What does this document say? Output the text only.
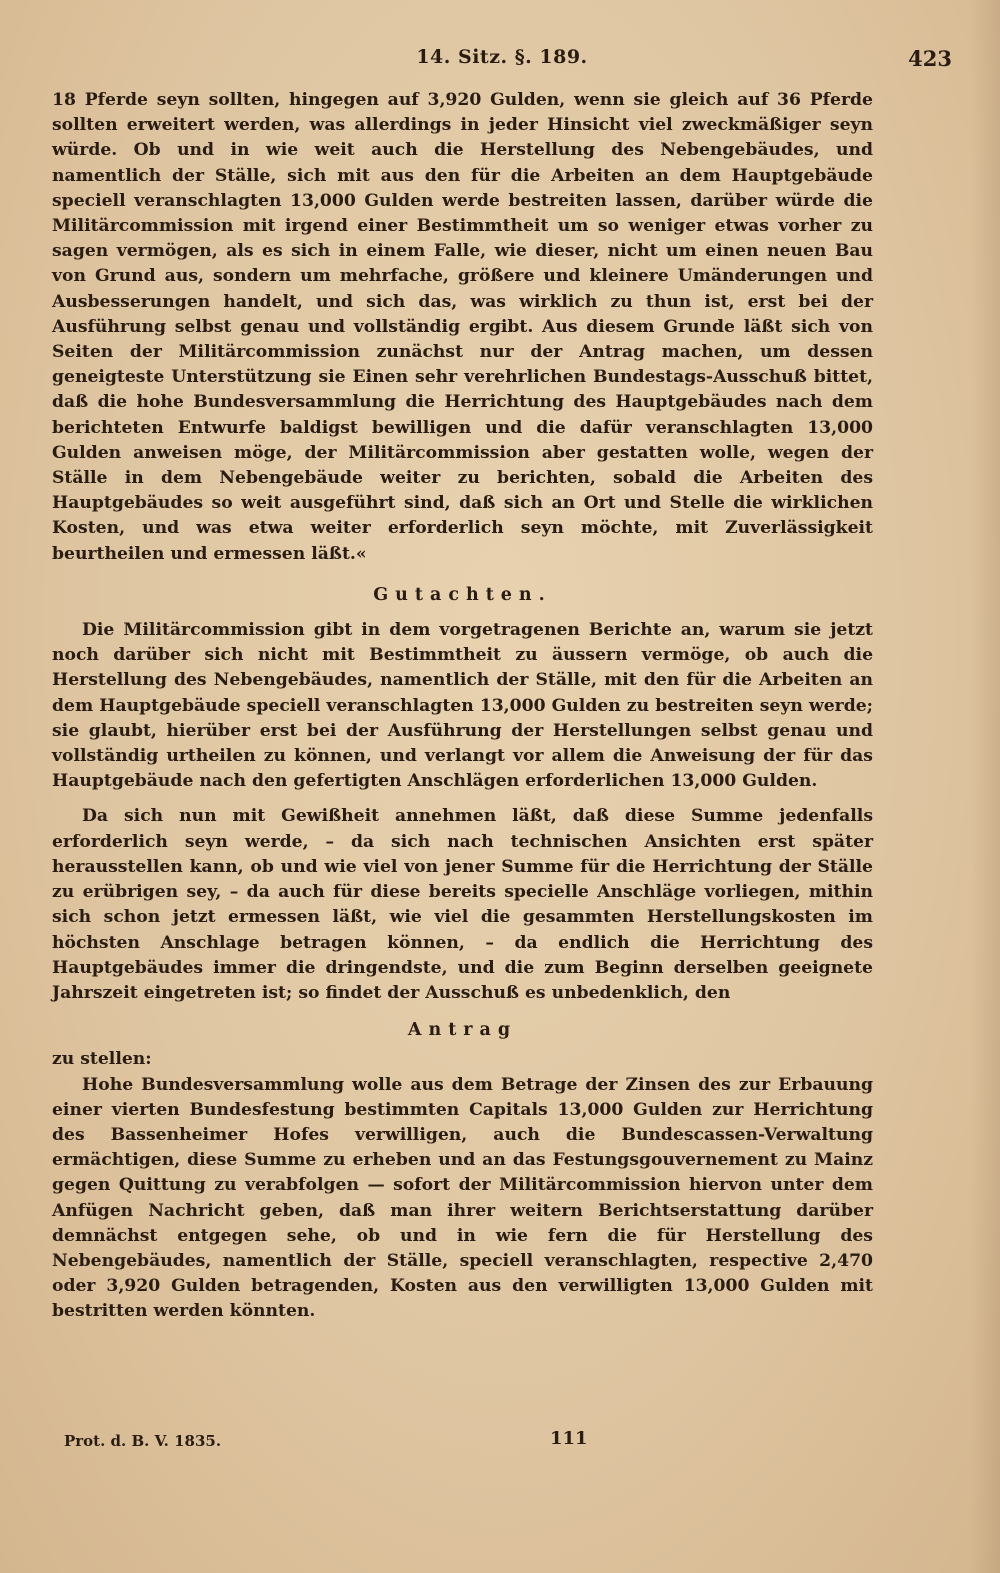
14. Sitz. §. 189.	423

18 Pferde seyn sollten, hingegen auf 3,920 Gulden, wenn sie gleich auf 36 Pferde sollten erweitert werden, was allerdings in jeder Hinsicht viel zweckmäßiger seyn würde. Ob und in wie weit auch die Herstellung des Nebengebäudes, und namentlich der Ställe, sich mit aus den für die Arbeiten an dem Hauptgebäude speciell veranschlagten 13,000 Gulden werde bestreiten lassen, darüber würde die Militärcommission mit irgend einer Bestimmtheit um so weniger etwas vorher zu sagen vermögen, als es sich in einem Falle, wie dieser, nicht um einen neuen Bau von Grund aus, sondern um mehrfache, größere und kleinere Umänderungen und Ausbesserungen handelt, und sich das, was wirklich zu thun ist, erst bei der Ausführung selbst genau und vollständig ergibt. Aus diesem Grunde läßt sich von Seiten der Militärcommission zunächst nur der Antrag machen, um dessen geneigteste Unterstützung sie Einen sehr verehrlichen Bundestags-Ausschuß bittet, daß die hohe Bundesversammlung die Herrichtung des Hauptgebäudes nach dem berichteten Entwurfe baldigst bewilligen und die dafür veranschlagten 13,000 Gulden anweisen möge, der Militärcommission aber gestatten wolle, wegen der Ställe in dem Nebengebäude weiter zu berichten, sobald die Arbeiten des Hauptgebäudes so weit ausgeführt sind, daß sich an Ort und Stelle die wirklichen Kosten, und was etwa weiter erforderlich seyn möchte, mit Zuverlässigkeit beurtheilen und ermessen läßt.«

Gutachten.

Die Militärcommission gibt in dem vorgetragenen Berichte an, warum sie jetzt noch darüber sich nicht mit Bestimmtheit zu äussern vermöge, ob auch die Herstellung des Nebengebäudes, namentlich der Ställe, mit den für die Arbeiten an dem Hauptgebäude speciell veranschlagten 13,000 Gulden zu bestreiten seyn werde; sie glaubt, hierüber erst bei der Ausführung der Herstellungen selbst genau und vollständig urtheilen zu können, und verlangt vor allem die Anweisung der für das Hauptgebäude nach den gefertigten Anschlägen erforderlichen 13,000 Gulden.

Da sich nun mit Gewißheit annehmen läßt, daß diese Summe jedenfalls erforderlich seyn werde, – da sich nach technischen Ansichten erst später herausstellen kann, ob und wie viel von jener Summe für die Herrichtung der Ställe zu erübrigen sey, – da auch für diese bereits specielle Anschläge vorliegen, mithin sich schon jetzt ermessen läßt, wie viel die gesammten Herstellungskosten im höchsten Anschlage betragen können, – da endlich die Herrichtung des Hauptgebäudes immer die dringendste, und die zum Beginn derselben geeignete Jahrszeit eingetreten ist; so findet der Ausschuß es unbedenklich, den

Antrag

zu stellen:

Hohe Bundesversammlung wolle aus dem Betrage der Zinsen des zur Erbauung einer vierten Bundesfestung bestimmten Capitals 13,000 Gulden zur Herrichtung des Bassenheimer Hofes verwilligen, auch die Bundescassen-Verwaltung ermächtigen, diese Summe zu erheben und an das Festungsgouvernement zu Mainz gegen Quittung zu verabfolgen — sofort der Militärcommission hiervon unter dem Anfügen Nachricht geben, daß man ihrer weitern Berichtserstattung darüber demnächst entgegen sehe, ob und in wie fern die für Herstellung des Nebengebäudes, namentlich der Ställe, speciell veranschlagten, respective 2,470 oder 3,920 Gulden betragenden, Kosten aus den verwilligten 13,000 Gulden mit bestritten werden könnten.

Prot. d. B. V. 1835.	111
